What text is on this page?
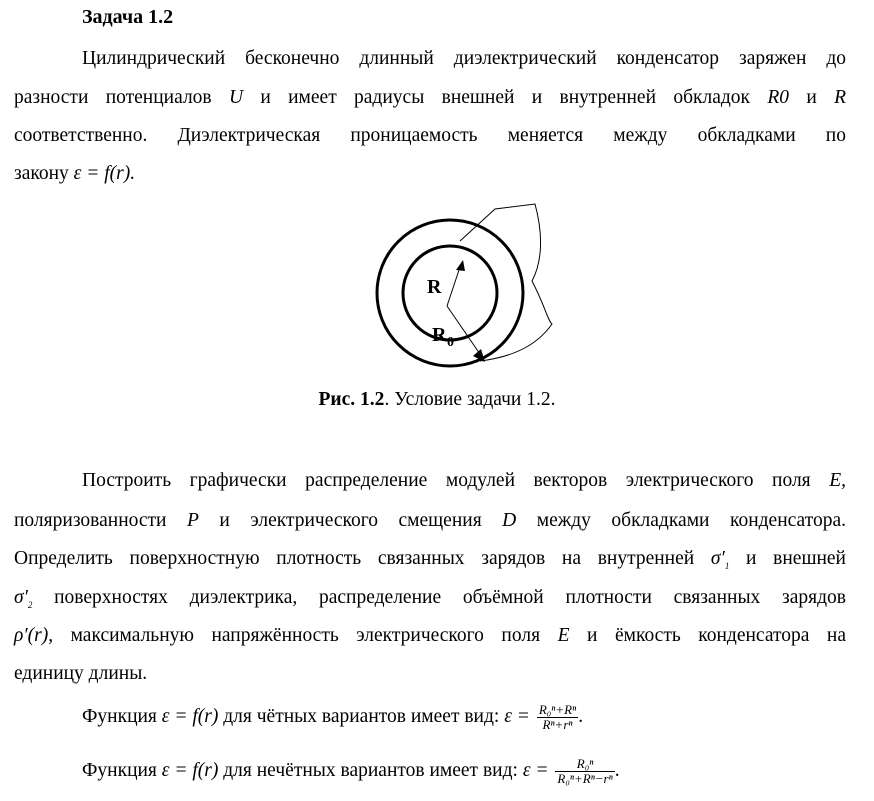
Задача 1.2
Цилиндрический бесконечно длинный диэлектрический конденсатор заряжен до
разности потенциалов U и имеет радиусы внешней и внутренней обкладок R0 и R
соответственно. Диэлектрическая проницаемость меняется между обкладками по
закону ε = f(r).
R
R 0
Рис. 1.2. Условие задачи 1.2.
Построить графически распределение модулей векторов электрического поля E,
поляризованности P и электрического смещения D между обкладками конденсатора.
Определить поверхностную плотность связанных зарядов на внутренней $\sigma'_1$ и внешней
$\sigma'_2$ поверхностях диэлектрика, распределение объёмной плотности связанных зарядов
ρ′(r), максимальную напряжённость электрического поля E и ёмкость конденсатора на
единицу длины.
Функция ε = f(r) для чётных вариантов имеет вид: $\varepsilon = \frac{\text{R₀ⁿ+Rⁿ}}{\text{Rⁿ+rⁿ}}$ .
Функция ε = f(r) для нечётных вариантов имеет вид: $\varepsilon = \frac{\text{R₀ⁿ}}{\text{R₀ⁿ+Rⁿ−rⁿ}}$ .
